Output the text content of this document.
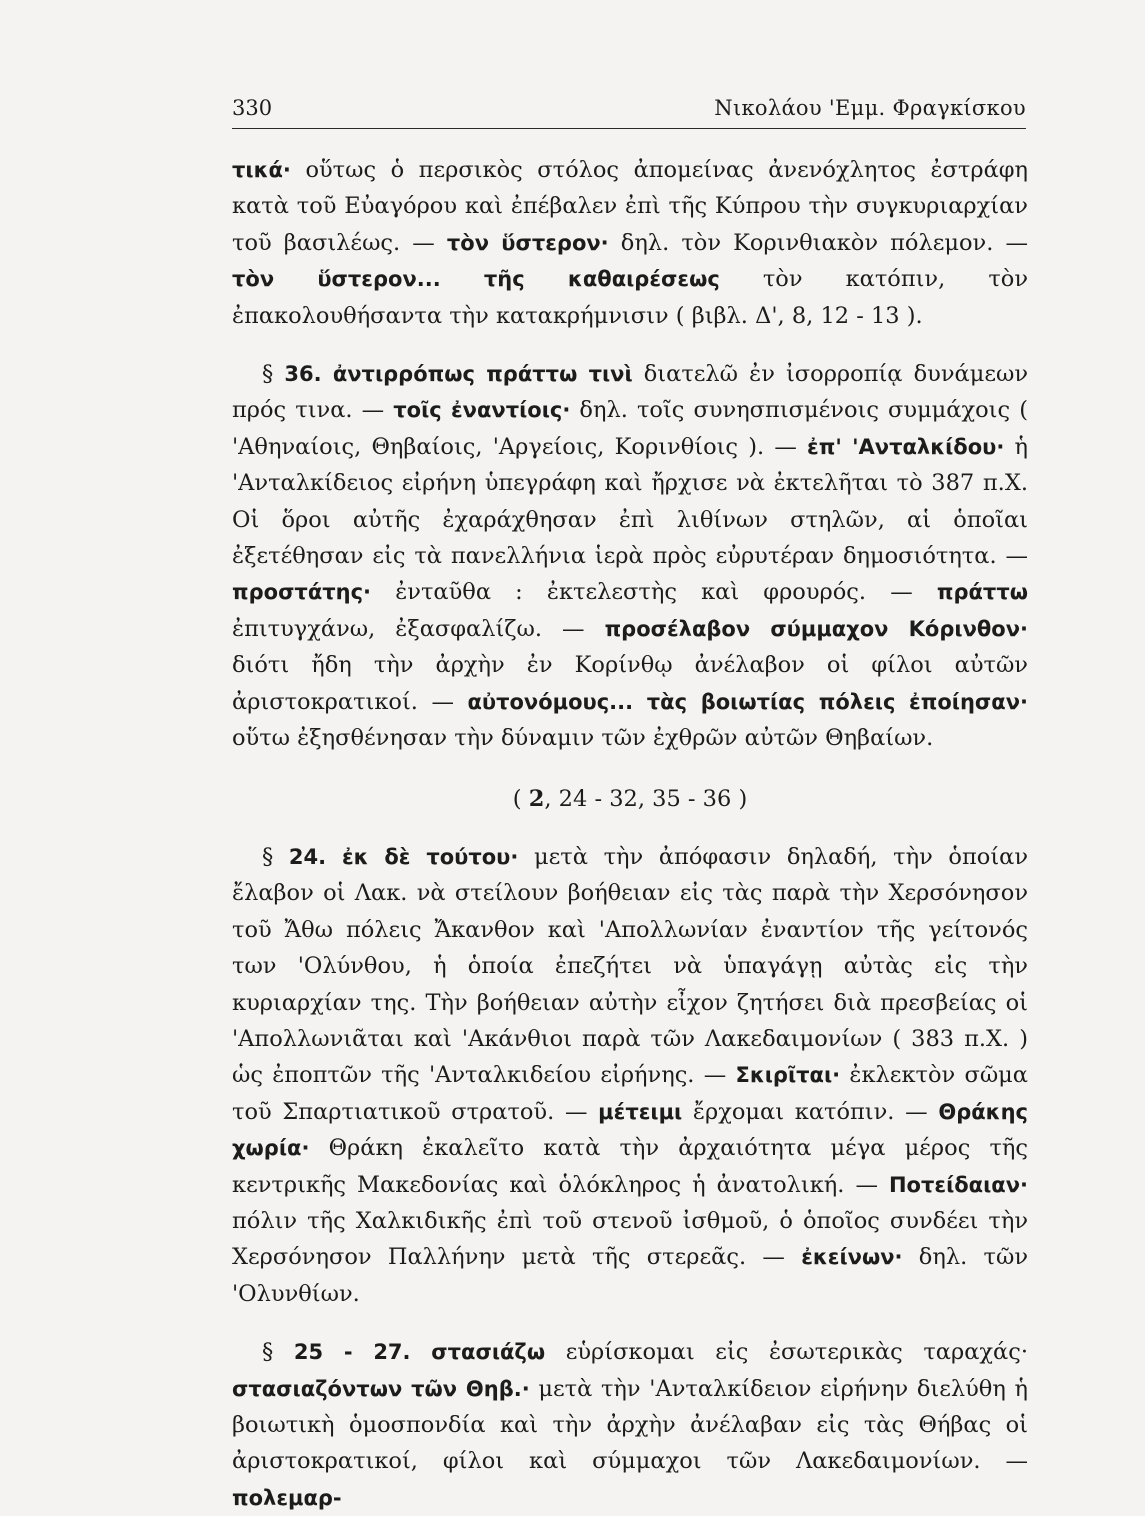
330	Νικολάου 'Εμμ. Φραγκίσκου

τικά· οὕτως ὁ περσικὸς στόλος ἀπομείνας ἀνενόχλητος ἐστράφη κατὰ τοῦ Εὐαγόρου καὶ ἐπέβαλεν ἐπὶ τῆς Κύπρου τὴν συγκυριαρχίαν τοῦ βασιλέως. — τὸν ὕστερον· δηλ. τὸν Κορινθιακὸν πόλεμον. — τὸν ὕστερον... τῆς καθαιρέσεως τὸν κατόπιν, τὸν ἐπακολουθήσαντα τὴν κατακρήμνισιν ( βιβλ. Δ', 8, 12 - 13 ).

§ 36. ἀντιρρόπως πράττω τινὶ διατελῶ ἐν ἰσορροπίᾳ δυνάμεων πρός τινα. — τοῖς ἐναντίοις· δηλ. τοῖς συνησπισμένοις συμμάχοις ( 'Αθηναίοις, Θηβαίοις, 'Αργείοις, Κορινθίοις ). — ἐπ' 'Ανταλκίδου· ἡ 'Ανταλκίδειος εἰρήνη ὑπεγράφη καὶ ἤρχισε νὰ ἐκτελῆται τὸ 387 π.Χ. Οἱ ὅροι αὐτῆς ἐχαράχθησαν ἐπὶ λιθίνων στηλῶν, αἱ ὁποῖαι ἐξετέθησαν εἰς τὰ πανελλήνια ἱερὰ πρὸς εὐρυτέραν δημοσιότητα. — προστάτης· ἐνταῦθα : ἐκτελεστὴς καὶ φρουρός. — πράττω ἐπιτυγχάνω, ἐξασφαλίζω. — προσέλαβον σύμμαχον Κόρινθον· διότι ἤδη τὴν ἀρχὴν ἐν Κορίνθῳ ἀνέλαβον οἱ φίλοι αὐτῶν ἀριστοκρατικοί. — αὐτονόμους... τὰς βοιωτίας πόλεις ἐποίησαν· οὕτω ἐξησθένησαν τὴν δύναμιν τῶν ἐχθρῶν αὐτῶν Θηβαίων.

( 2, 24 - 32, 35 - 36 )

§ 24. ἐκ δὲ τούτου· μετὰ τὴν ἀπόφασιν δηλαδή, τὴν ὁποίαν ἔλαβον οἱ Λακ. νὰ στείλουν βοήθειαν εἰς τὰς παρὰ τὴν Χερσόνησον τοῦ Ἄθω πόλεις Ἄκανθον καὶ 'Απολλωνίαν ἐναντίον τῆς γείτονός των 'Ολύνθου, ἡ ὁποία ἐπεζήτει νὰ ὑπαγάγῃ αὐτὰς εἰς τὴν κυριαρχίαν της. Τὴν βοήθειαν αὐτὴν εἶχον ζητήσει διὰ πρεσβείας οἱ 'Απολλωνιᾶται καὶ 'Ακάνθιοι παρὰ τῶν Λακεδαιμονίων ( 383 π.Χ. ) ὡς ἐποπτῶν τῆς 'Ανταλκιδείου εἰρήνης. — Σκιρῖται· ἐκλεκτὸν σῶμα τοῦ Σπαρτιατικοῦ στρατοῦ. — μέτειμι ἔρχομαι κατόπιν. — Θράκης χωρία· Θράκη ἐκαλεῖτο κατὰ τὴν ἀρχαιότητα μέγα μέρος τῆς κεντρικῆς Μακεδονίας καὶ ὁλόκληρος ἡ ἀνατολική. — Ποτείδαιαν· πόλιν τῆς Χαλκιδικῆς ἐπὶ τοῦ στενοῦ ἰσθμοῦ, ὁ ὁποῖος συνδέει τὴν Χερσόνησον Παλλήνην μετὰ τῆς στερεᾶς. — ἐκείνων· δηλ. τῶν 'Ολυνθίων.

§ 25 - 27. στασιάζω εὑρίσκομαι εἰς ἐσωτερικὰς ταραχάς· στασιαζόντων τῶν Θηβ.· μετὰ τὴν 'Ανταλκίδειον εἰρήνην διελύθη ἡ βοιωτικὴ ὁμοσπονδία καὶ τὴν ἀρχὴν ἀνέλαβαν εἰς τὰς Θήβας οἱ ἀριστοκρατικοί, φίλοι καὶ σύμμαχοι τῶν Λακεδαιμονίων. — πολεμαρ-
